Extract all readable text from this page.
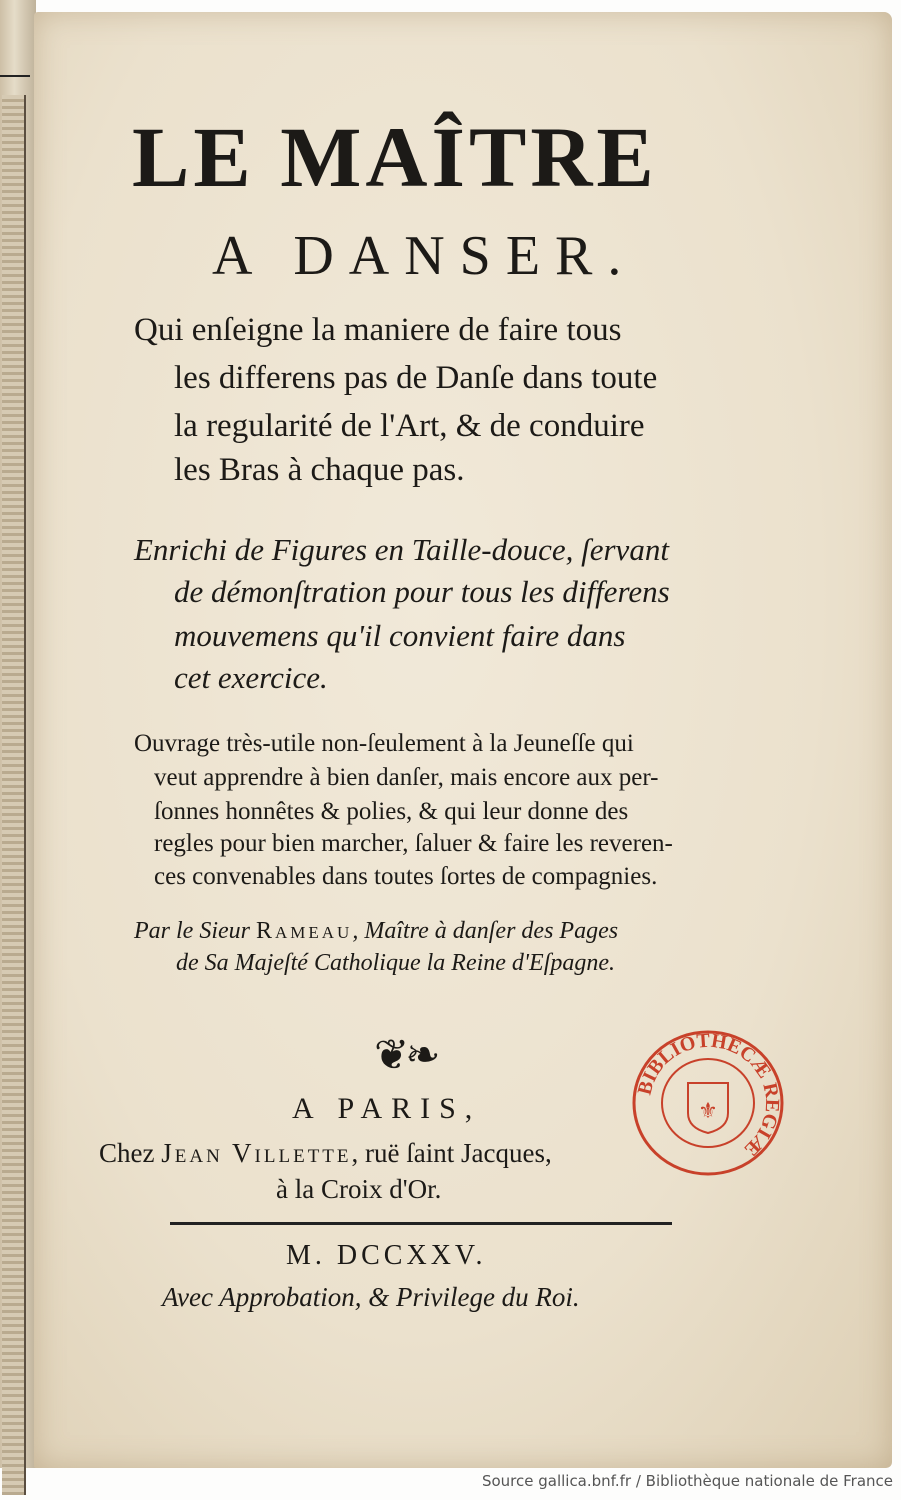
LE MAÎTRE
A DANSER.
Qui enſeigne la maniere de faire tous
les differens pas de Danſe dans toute
la regularité de l'Art, & de conduire
les Bras à chaque pas.
Enrichi de Figures en Taille-douce, ſervant
de démonſtration pour tous les differens
mouvemens qu'il convient faire dans
cet exercice.
Ouvrage très-utile non-ſeulement à la Jeuneſſe qui
veut apprendre à bien danſer, mais encore aux per-
ſonnes honnêtes & polies, & qui leur donne des
regles pour bien marcher, ſaluer & faire les reveren-
ces convenables dans toutes ſortes de compagnies.
Par le Sieur Rameau, Maître à danſer des Pages
de Sa Majeſté Catholique la Reine d'Eſpagne.
❦❧
BIBLIOTHECÆ REGIÆ
⚜
A PARIS,
Chez Jean Villette, ruë ſaint Jacques,
à la Croix d'Or.
M. DCCXXV.
Avec Approbation, & Privilege du Roi.
Source gallica.bnf.fr / Bibliothèque nationale de France
